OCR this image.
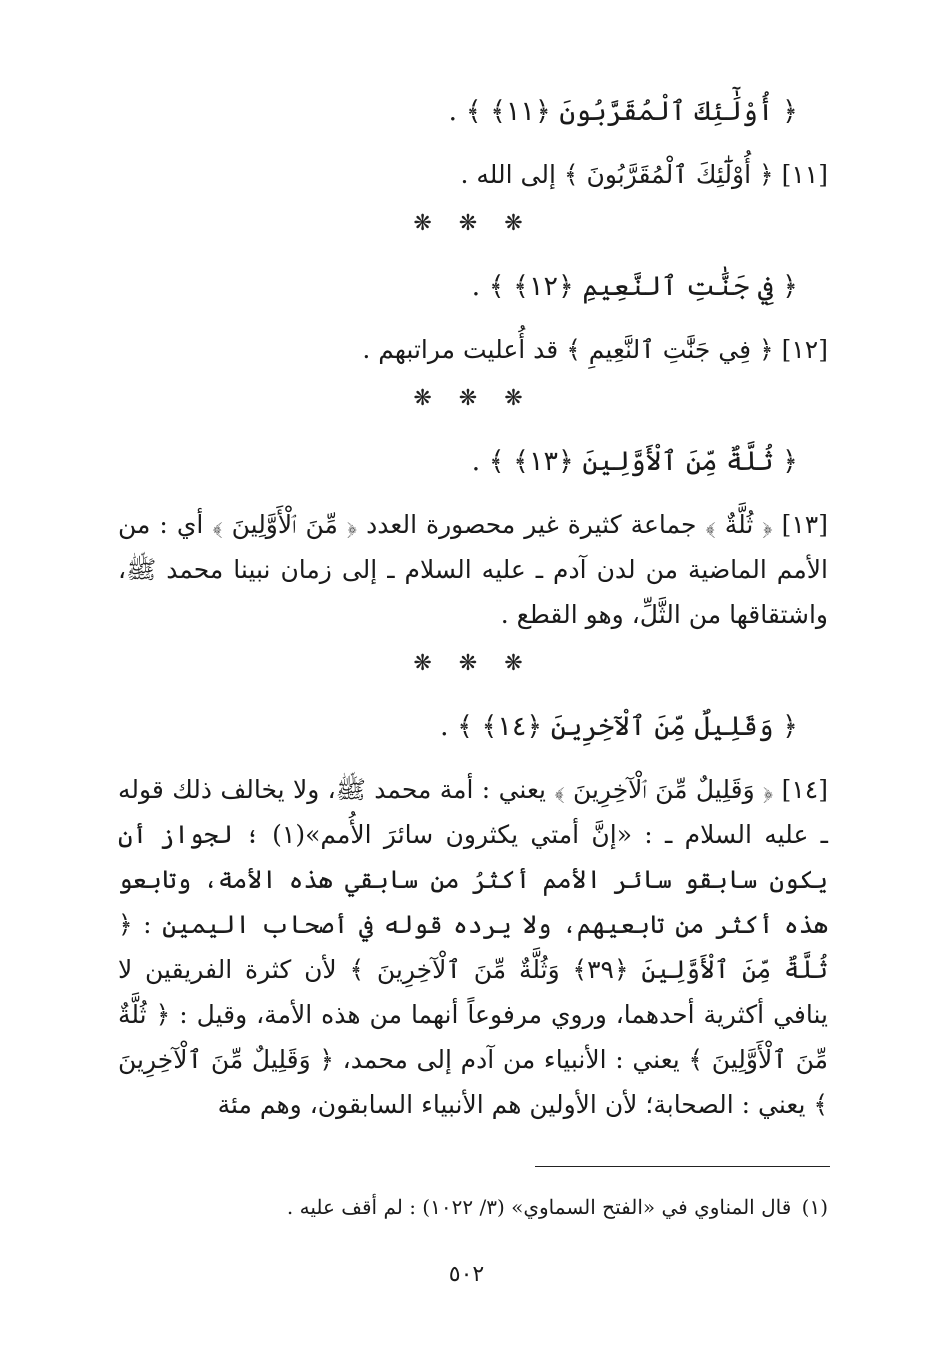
﴿ أُوْلَٰٓئِكَ ٱلْمُقَرَّبُونَ ﴿١١﴾ ﴾ .
[١١] ﴿ أُوْلَٰٓئِكَ ٱلْمُقَرَّبُونَ ﴾ إلى الله .
❋ ❋ ❋
﴿ فِي جَنَّٰتِ ٱلنَّعِيمِ ﴿١٢﴾ ﴾ .
[١٢] ﴿ فِي جَنَّٰتِ ٱلنَّعِيمِ ﴾ قد أُعليت مراتبهم .
❋ ❋ ❋
﴿ ثُلَّةٌ مِّنَ ٱلْأَوَّلِينَ ﴿١٣﴾ ﴾ .
[١٣] ﴿ ثُلَّةٌ ﴾ جماعة كثيرة غير محصورة العدد ﴿ مِّنَ ٱلْأَوَّلِينَ ﴾ أي : من الأمم الماضية من لدن آدم ـ عليه السلام ـ إلى زمان نبينا محمد ﷺ، واشتقاقها من الثَّلِّ، وهو القطع .
❋ ❋ ❋
﴿ وَقَلِيلٌ مِّنَ ٱلْآخِرِينَ ﴿١٤﴾ ﴾ .
[١٤] ﴿ وَقَلِيلٌ مِّنَ ٱلْآخِرِينَ ﴾ يعني : أمة محمد ﷺ، ولا يخالف ذلك قوله ـ عليه السلام ـ : «إنَّ أمتي يكثرون سائرَ الأُمم»(١) ؛ لجواز أن يكون سابقو سائر الأمم أكثرُ من سابقي هذه الأمة، وتابعو هذه أكثر من تابعيهم، ولا يرده قوله في أصحاب اليمين : ﴿ ثُلَّةٌ مِّنَ ٱلْأَوَّلِينَ ﴿٣٩﴾ وَثُلَّةٌ مِّنَ ٱلْآخِرِينَ ﴾ لأن كثرة الفريقين لا ينافي أكثرية أحدهما، وروي مرفوعاً أنهما من هذه الأمة، وقيل : ﴿ ثُلَّةٌ مِّنَ ٱلْأَوَّلِينَ ﴾ يعني : الأنبياء من آدم إلى محمد، ﴿ وَقَلِيلٌ مِّنَ ٱلْآخِرِينَ ﴾ يعني : الصحابة؛ لأن الأولين هم الأنبياء السابقون، وهم مئة
(١) قال المناوي في «الفتح السماوي» (٣/ ١٠٢٢) : لم أقف عليه .
٥٠٢
